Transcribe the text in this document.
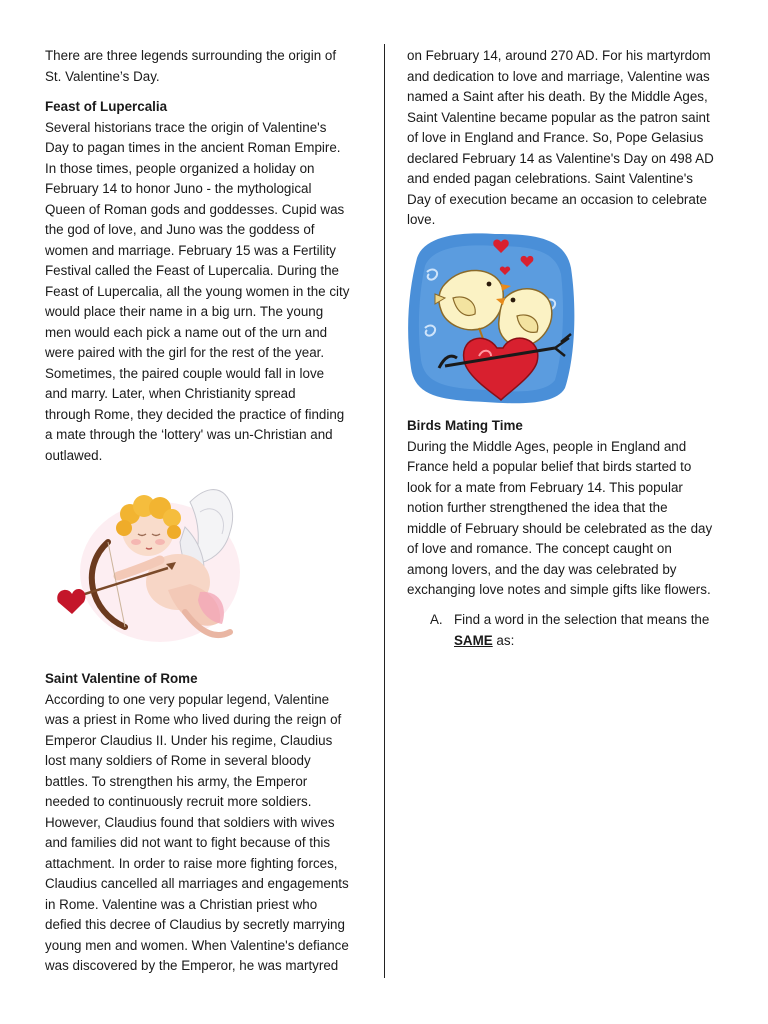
There are three legends surrounding the origin of
St. Valentine’s Day.
Feast of Lupercalia
Several historians trace the origin of Valentine's
Day to pagan times in the ancient Roman Empire.
In those times, people organized a holiday on
February 14 to honor Juno - the mythological
Queen of Roman gods and goddesses. Cupid was
the god of love, and Juno was the goddess of
women and marriage. February 15 was a Fertility
Festival called the Feast of Lupercalia. During the
Feast of Lupercalia, all the young women in the city
would place their name in a big urn. The young
men would each pick a name out of the urn and
were paired with the girl for the rest of the year.
Sometimes, the paired couple would fall in love
and marry. Later, when Christianity spread
through Rome, they decided the practice of finding
a mate through the ‘lottery' was un-Christian and
outlawed.
Saint Valentine of Rome
According to one very popular legend, Valentine
was a priest in Rome who lived during the reign of
Emperor Claudius II. Under his regime, Claudius
lost many soldiers of Rome in several bloody
battles. To strengthen his army, the Emperor
needed to continuously recruit more soldiers.
However, Claudius found that soldiers with wives
and families did not want to fight because of this
attachment. In order to raise more fighting forces,
Claudius cancelled all marriages and engagements
in Rome. Valentine was a Christian priest who
defied this decree of Claudius by secretly marrying
young men and women. When Valentine's defiance
was discovered by the Emperor, he was martyred
on February 14, around 270 AD. For his martyrdom
and dedication to love and marriage, Valentine was
named a Saint after his death. By the Middle Ages,
Saint Valentine became popular as the patron saint
of love in England and France. So, Pope Gelasius
declared February 14 as Valentine's Day on 498 AD
and ended pagan celebrations. Saint Valentine's
Day of execution became an occasion to celebrate
love.
Birds Mating Time
During the Middle Ages, people in England and
France held a popular belief that birds started to
look for a mate from February 14. This popular
notion further strengthened the idea that the
middle of February should be celebrated as the day
of love and romance. The concept caught on
among lovers, and the day was celebrated by
exchanging love notes and simple gifts like flowers.
A. Find a word in the selection that means the
SAME as:
